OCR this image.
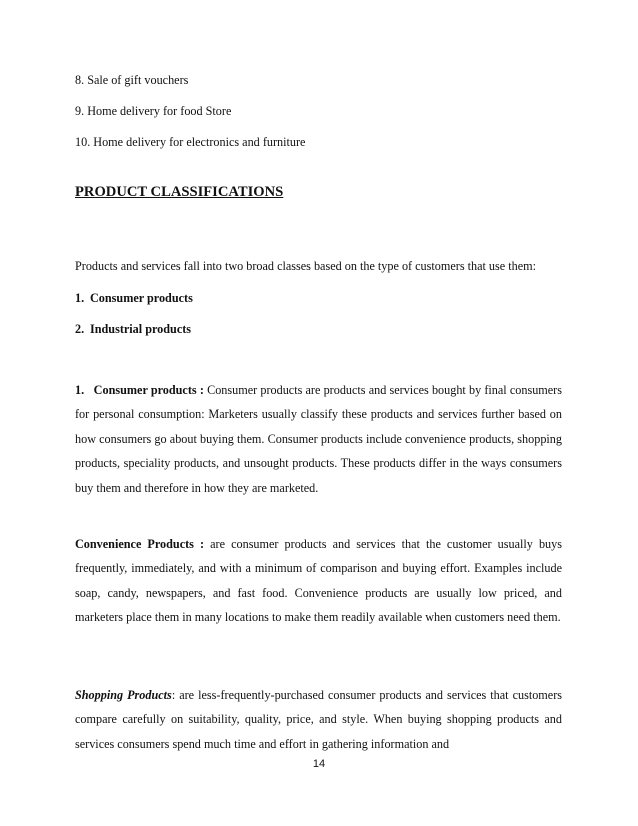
8. Sale of gift vouchers

9. Home delivery for food Store

10. Home delivery for electronics and furniture

PRODUCT CLASSIFICATIONS

Products and services fall into two broad classes based on the type of customers that use them:

1. Consumer products

2. Industrial products

1.   Consumer products : Consumer products are products and services bought by final consumers for personal consumption: Marketers usually classify these products and services further based on how consumers go about buying them. Consumer products include convenience products, shopping products, speciality products, and unsought products. These products differ in the ways consumers buy them and therefore in how they are marketed.

Convenience Products : are consumer products and services that the customer usually buys frequently, immediately, and with a minimum of comparison and buying effort. Examples include soap, candy, newspapers, and fast food. Convenience products are usually low priced, and marketers place them in many locations to make them readily available when customers need them.

Shopping Products: are less-frequently-purchased consumer products and services that customers compare carefully on suitability, quality, price, and style. When buying shopping products and services consumers spend much time and effort in gathering information and

14
